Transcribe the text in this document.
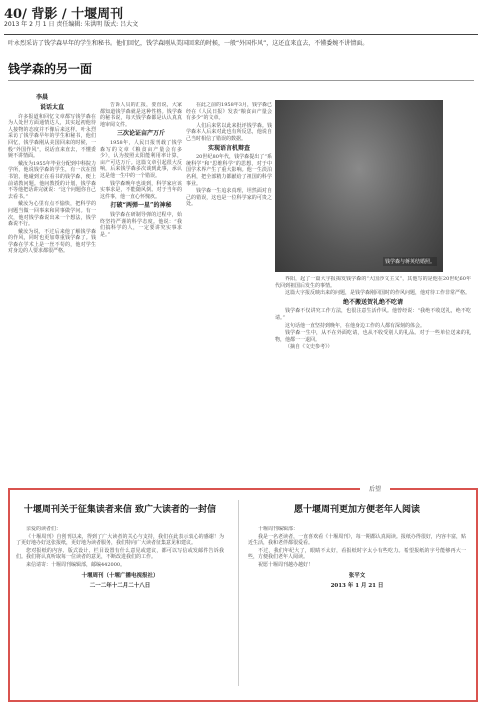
40/ 背影 / 十堰周刊
2013 年 2 月 1 日 责任编辑: 朱洪明 版式: 吕大文
叶永烈采访了钱学森早年的学生和秘书。他们回忆，钱学森刚从美国回来的时候，一般“外国作风”，这还直来直去，不懂委婉不讲情面。
钱学森的另一面
李晨
说话太直

许多报道和回忆文章都写钱学森在为人处世方面通情达人，其实起初他待人接物的态度并不像后来这样。叶永烈采访了钱学森早年的学生和秘书，他们回忆，钱学森刚从美国回来的时候，一般“外国作风”，说话直来直去，不懂委婉不讲情面。

戴汝为1955年毕业分配到中科院力学所，他说钱学森的学生，有一次在图书馆，他碰到正在看书的钱学森，便上前请教问题。他问教授的计划，钱学森不等他把话讲完就说：“这个问题你自己去看书。”

戴汝为心里有点不愉快，把科学的问题当做一回事来和同事做学问。有一次，他对钱学森说出来一个想法，钱学森说不行。

戴汝为说，不过后来他了解钱学森的作风，同时也更加尊重钱学森了。钱学森在学术上是一丝不苟的，他对学生对身边的人要求都很严格。

告诉人员的汇报，要直说，大家都知道钱学森就是这种性格。钱学森的秘书说，每天钱学森都是认认真真地审阅文件。

三次论证亩产万斤

1958年，人民日报刊载了钱学森写的文章《粮食亩产量会有多少》，认为按照太阳能利用率计算，亩产可达万斤。这篇文章引起很大反响，后来钱学森多次谈到此事，承认这是他一生中的一个错误。

钱学森晚年也谈到，科学家应该实事求是，不能随风倒。对于当年的这件事，他一直心怀愧疚。

打破“两弹一星”的神秘

钱学森在研制导弹的过程中，始终坚持严谨的科学态度。他说：“我们搞科学的人，一定要讲究实事求是。”

在此之前的1958年3月，钱学森已经在《人民日报》发表“粮食亩产量会有多少”的文章。

人们后来常以此来批评钱学森。钱学森本人后来对此也有所反思，他说自己当时相信了错误的数据。

实现语言机辩查

20世纪80年代，钱学森提出了“系统科学”和“思维科学”的思想，对于中国学术界产生了重大影响。他一生淡泊名利，把全部精力都献给了祖国的科学事业。

钱学森一生追求真理，坦然面对自己的错误，这也是一位科学家的可贵之处。

钱学森与蒋英结婚照。

界阳，起了一篇大字报揭发钱学森的“大国沙文主义”，其他写的是他在20世纪60年代回到祖国后发生的事情。

这篇大字报反映出来的问题，是钱学森刚回国时的作风问题，他对待工作非常严格。

绝不搬送贺礼绝不吃请

钱学森不仅讲究工作方法，也很注意生活作风。他曾经说：“我绝不收送礼，绝不吃请。”

这句话他一直坚持到晚年，在他身边工作的人都有深刻的体会。

钱学森一生中，从不在外面吃请，也从不收受别人的礼品。对于一些单位送来的礼物，他都一一退回。

（摘自《文史参考》）

后望
十堰周刊关于征集读者来信 致广大读者的一封信	愿十堰周刊更加方便老年人阅读

亲爱的读者们：

《十堰周刊》自创刊以来，得到了广大读者的关心与支持，我们在此表示衷心的感谢！为了更好地办好这张报纸，更好地为读者服务，我们特向广大读者征集意见和建议。

您对报纸的内容、版式设计、栏目设置有什么意见或建议，都可以写信或发邮件告诉我们。我们将认真听取每一位读者的意见，不断改进我们的工作。

来信请寄：十堰周刊编辑部，邮编442000。

十堰周刊（十堰广播电视报社）
二一二年十二月二十八日

十堰周刊编辑部：

我是一名老读者，一直喜欢看《十堰周刊》，每一期都认真阅读。报纸办得很好，内容丰富，贴近生活，我和老伴都很爱看。

不过，我们年纪大了，眼睛不太好，看报纸时字太小有些吃力。希望报纸的字号能够再大一些，方便我们老年人阅读。

祝愿十堰周刊越办越好！

张平文
2013 年 1 月 21 日
